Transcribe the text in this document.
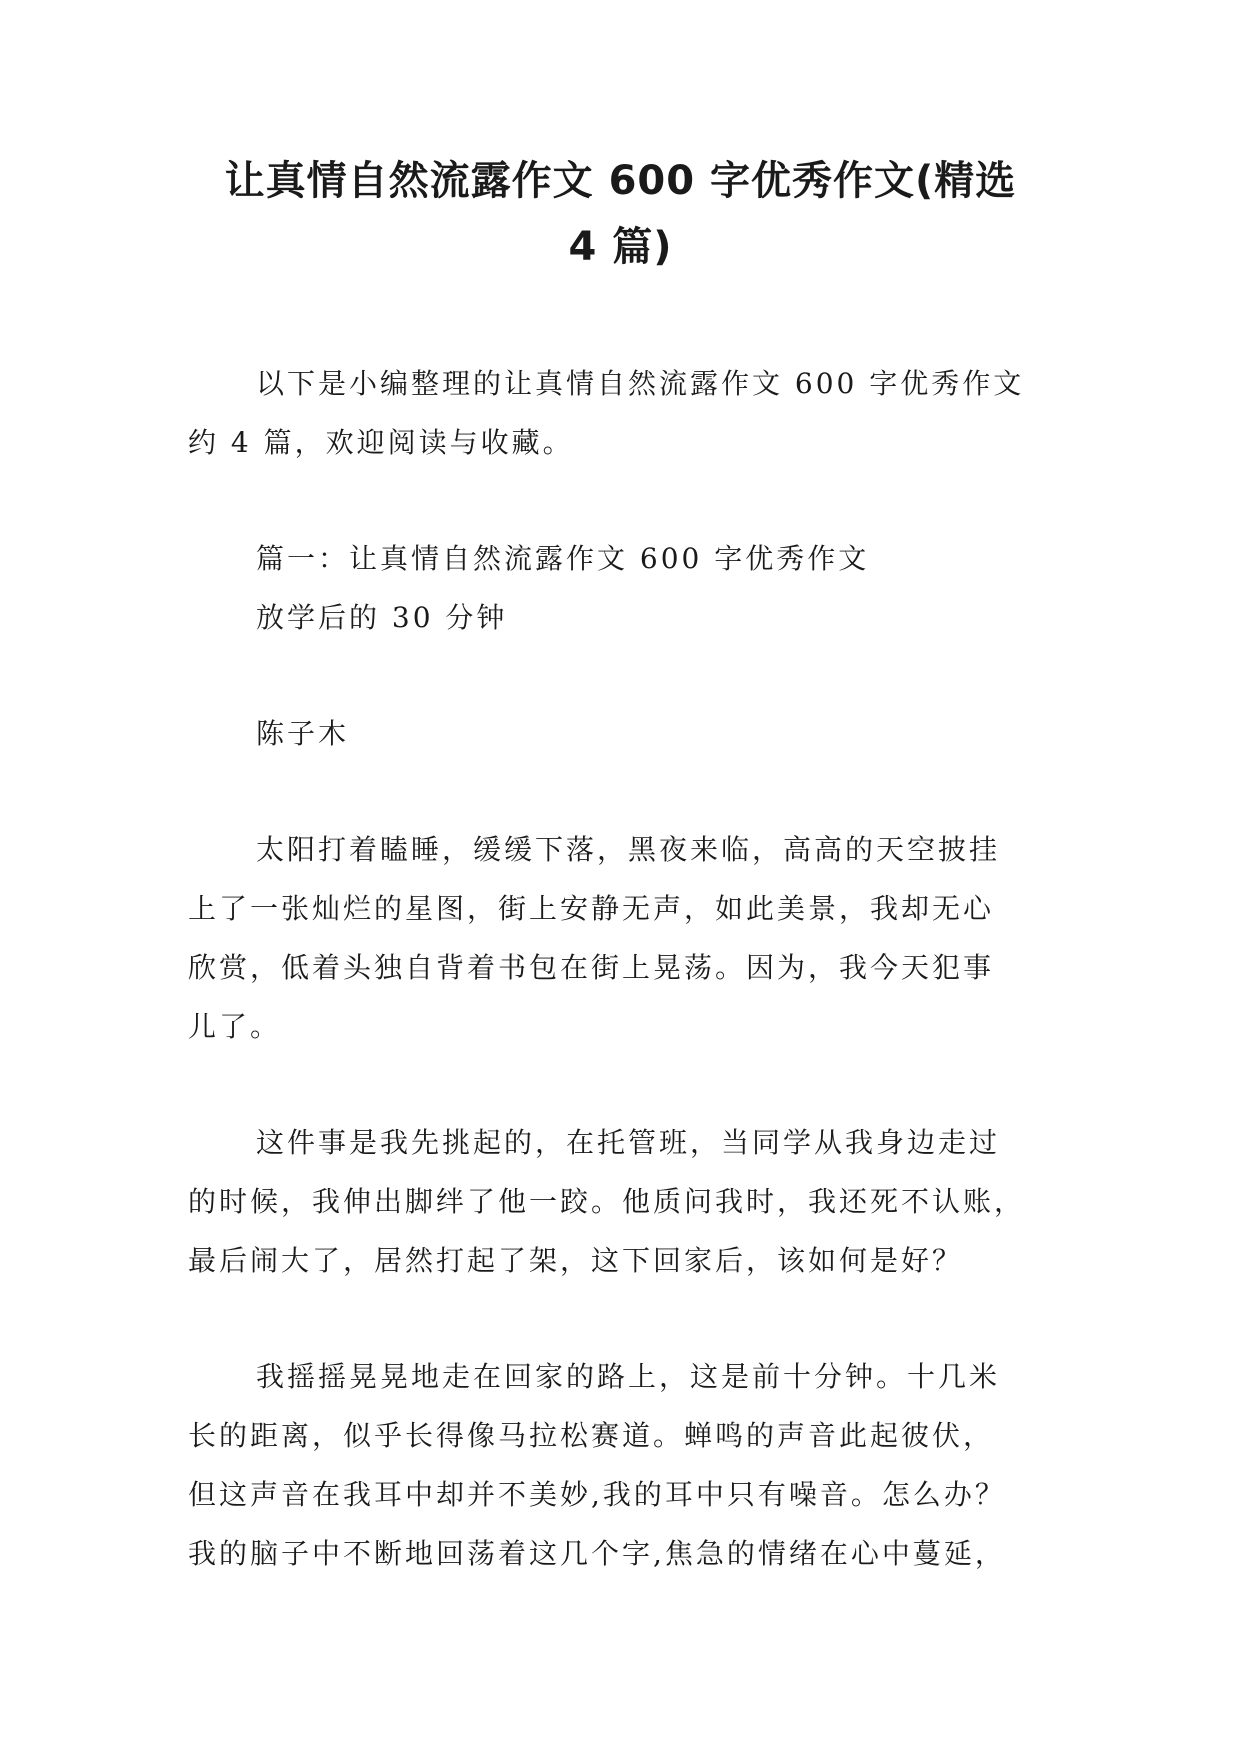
让真情自然流露作文 600 字优秀作文(精选
4 篇)

以下是小编整理的让真情自然流露作文 600 字优秀作文
约 4 篇，欢迎阅读与收藏。

篇一：让真情自然流露作文 600 字优秀作文

放学后的 30 分钟

陈子木

太阳打着瞌睡，缓缓下落，黑夜来临，高高的天空披挂
上了一张灿烂的星图，街上安静无声，如此美景，我却无心
欣赏，低着头独自背着书包在街上晃荡。因为，我今天犯事
儿了。

这件事是我先挑起的，在托管班，当同学从我身边走过
的时候，我伸出脚绊了他一跤。他质问我时，我还死不认账，
最后闹大了，居然打起了架，这下回家后，该如何是好？

我摇摇晃晃地走在回家的路上，这是前十分钟。十几米
长的距离，似乎长得像马拉松赛道。蝉鸣的声音此起彼伏，
但这声音在我耳中却并不美妙,我的耳中只有噪音。怎么办？
我的脑子中不断地回荡着这几个字,焦急的情绪在心中蔓延，
